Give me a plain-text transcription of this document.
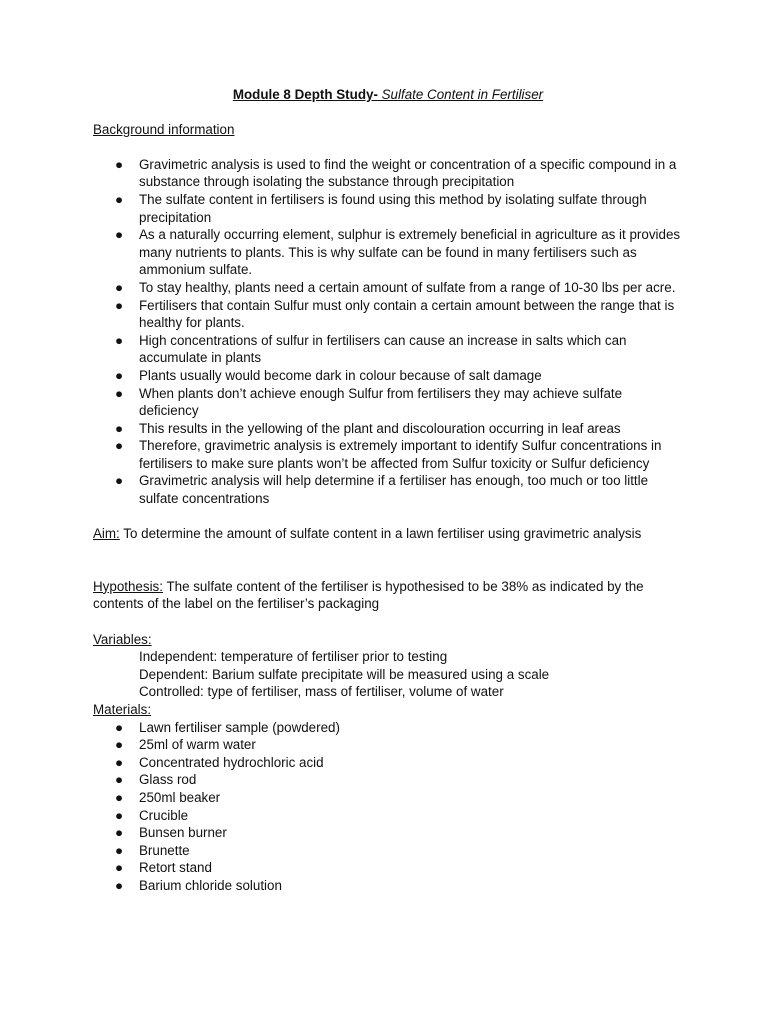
Module 8 Depth Study- Sulfate Content in Fertiliser
Background information
● Gravimetric analysis is used to find the weight or concentration of a specific compound in a substance through isolating the substance through precipitation
● The sulfate content in fertilisers is found using this method by isolating sulfate through precipitation
● As a naturally occurring element, sulphur is extremely beneficial in agriculture as it provides many nutrients to plants. This is why sulfate can be found in many fertilisers such as ammonium sulfate.
● To stay healthy, plants need a certain amount of sulfate from a range of 10-30 lbs per acre.
● Fertilisers that contain Sulfur must only contain a certain amount between the range that is healthy for plants.
● High concentrations of sulfur in fertilisers can cause an increase in salts which can accumulate in plants
● Plants usually would become dark in colour because of salt damage
● When plants don’t achieve enough Sulfur from fertilisers they may achieve sulfate deficiency
● This results in the yellowing of the plant and discolouration occurring in leaf areas
● Therefore, gravimetric analysis is extremely important to identify Sulfur concentrations in fertilisers to make sure plants won’t be affected from Sulfur toxicity or Sulfur deficiency
● Gravimetric analysis will help determine if a fertiliser has enough, too much or too little sulfate concentrations
Aim: To determine the amount of sulfate content in a lawn fertiliser using gravimetric analysis
Hypothesis: The sulfate content of the fertiliser is hypothesised to be 38% as indicated by the contents of the label on the fertiliser’s packaging
Variables:
Independent: temperature of fertiliser prior to testing
Dependent: Barium sulfate precipitate will be measured using a scale
Controlled: type of fertiliser, mass of fertiliser, volume of water
Materials:
● Lawn fertiliser sample (powdered)
● 25ml of warm water
● Concentrated hydrochloric acid
● Glass rod
● 250ml beaker
● Crucible
● Bunsen burner
● Brunette
● Retort stand
● Barium chloride solution
